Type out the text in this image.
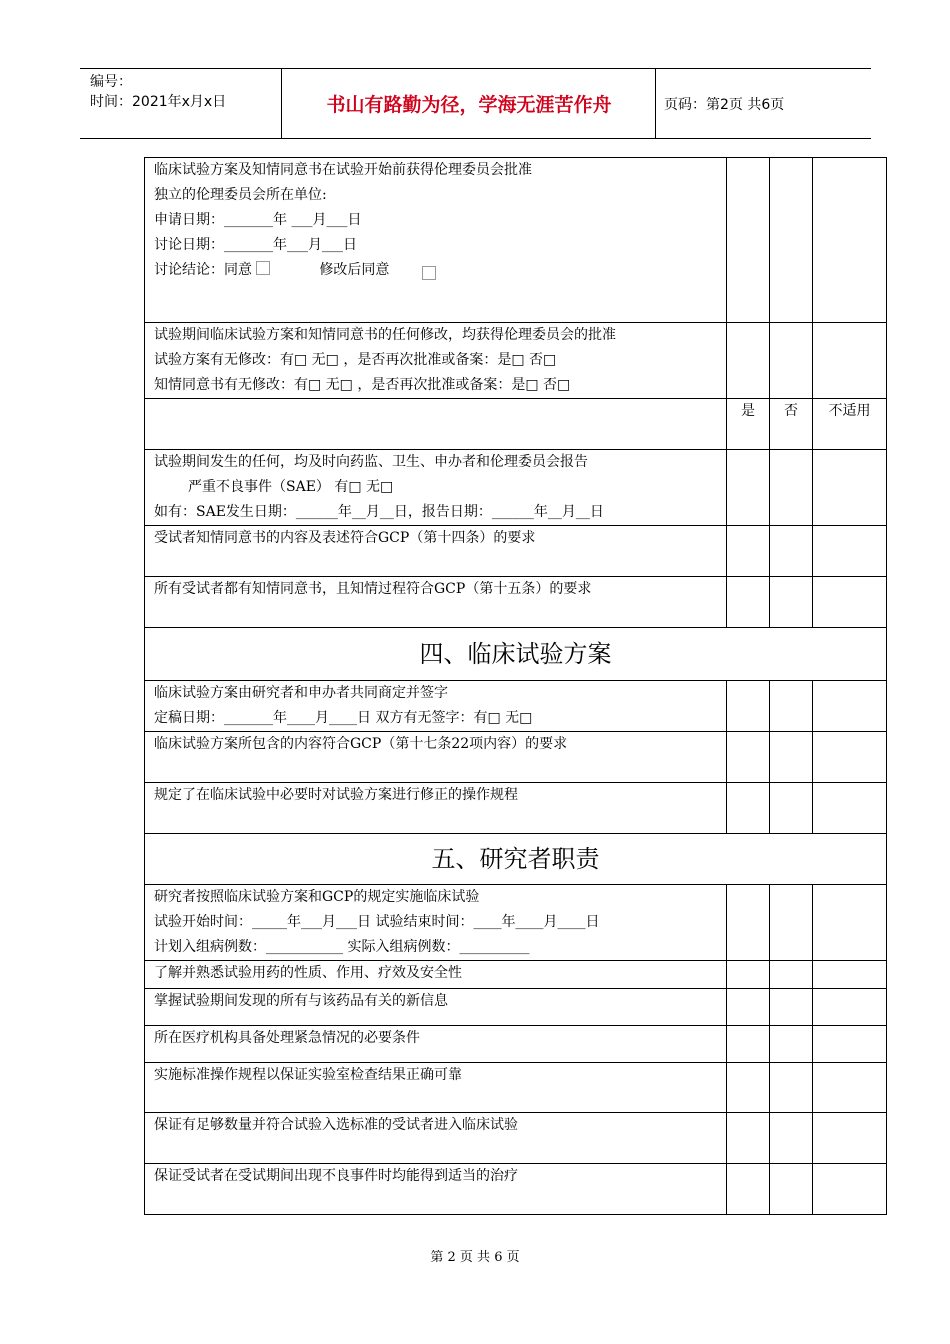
编号：
时间：2021年x月x日	书山有路勤为径，学海无涯苦作舟	页码：第2页 共6页
临床试验方案及知情同意书在试验开始前获得伦理委员会批准
独立的伦理委员会所在单位:
申请日期：_______年 ___月___日
讨论日期：_______年___月___日
讨论结论：同意 修改后同意			

试验期间临床试验方案和知情同意书的任何修改，均获得伦理委员会的批准
试验方案有无修改：有□ 无□ ，是否再次批准或备案：是□ 否□
知情同意书有无修改：有□ 无□ ，是否再次批准或备案：是□ 否□			

	是	否	不适用

试验期间发生的任何，均及时向药监、卫生、申办者和伦理委员会报告
严重不良事件（SAE） 有□ 无□
如有：SAE发生日期：______年__月__日，报告日期：______年__月__日			

受试者知情同意书的内容及表述符合GCP（第十四条）的要求			
所有受试者都有知情同意书，且知情过程符合GCP（第十五条）的要求			
四、临床试验方案			

临床试验方案由研究者和申办者共同商定并签字
定稿日期：_______年____月____日 双方有无签字：有□ 无□			

临床试验方案所包含的内容符合GCP（第十七条22项内容）的要求			
规定了在临床试验中必要时对试验方案进行修正的操作规程			
五、研究者职责			

研究者按照临床试验方案和GCP的规定实施临床试验
试验开始时间：_____年___月___日 试验结束时间：____年____月____日
计划入组病例数：___________ 实际入组病例数：__________			

了解并熟悉试验用药的性质、作用、疗效及安全性			
掌握试验期间发现的所有与该药品有关的新信息			
所在医疗机构具备处理紧急情况的必要条件			
实施标准操作规程以保证实验室检查结果正确可靠			
保证有足够数量并符合试验入选标准的受试者进入临床试验			
保证受试者在受试期间出现不良事件时均能得到适当的治疗			
第 2 页 共 6 页
